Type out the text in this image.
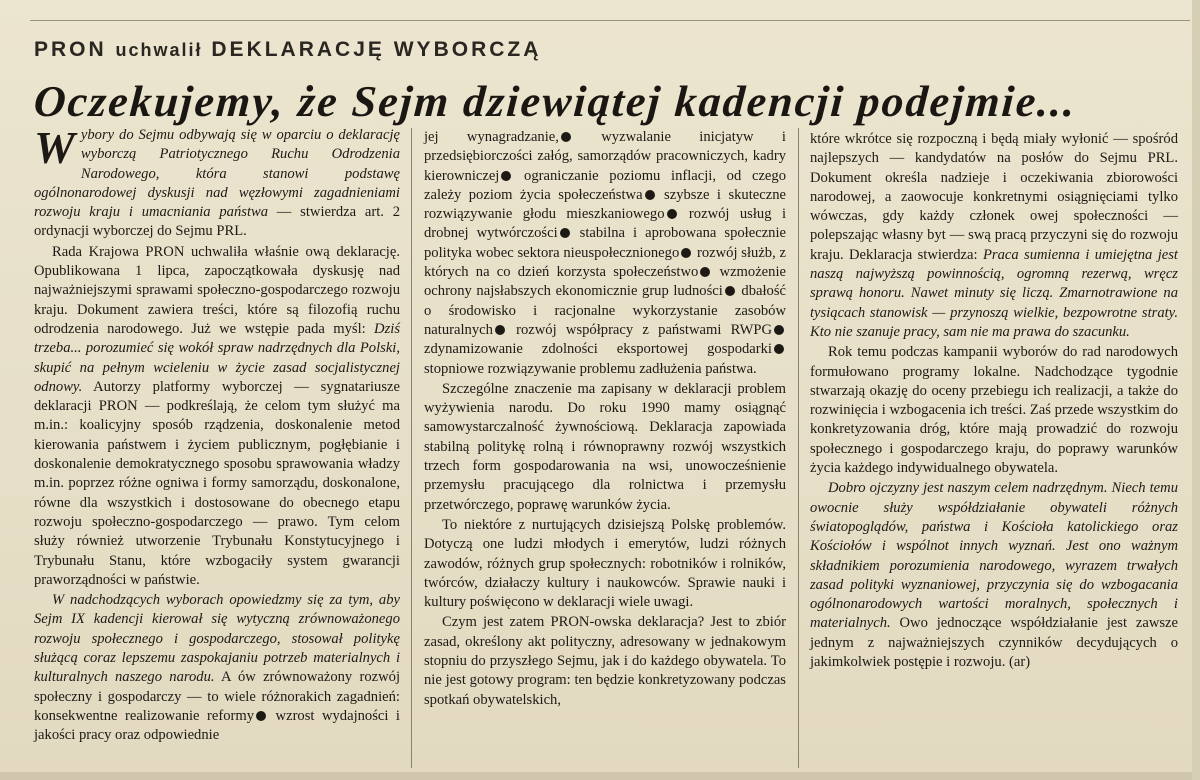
PRON uchwalił DEKLARACJĘ WYBORCZĄ
Oczekujemy, że Sejm dziewiątej kadencji podejmie...

Wybory do Sejmu odbywają się w oparciu o deklarację wyborczą Patriotycznego Ruchu Odrodzenia Narodowego, która stanowi podstawę ogólnonarodowej dyskusji nad węzłowymi zagadnieniami rozwoju kraju i umacniania państwa — stwierdza art. 2 ordynacji wyborczej do Sejmu PRL.

Rada Krajowa PRON uchwaliła właśnie ową deklarację. Opublikowana 1 lipca, zapoczątkowała dyskusję nad najważniejszymi sprawami społeczno-gospodarczego rozwoju kraju. Dokument zawiera treści, które są filozofią ruchu odrodzenia narodowego. Już we wstępie pada myśl: Dziś trzeba... porozumieć się wokół spraw nadrzędnych dla Polski, skupić na pełnym wcieleniu w życie zasad socjalistycznej odnowy. Autorzy platformy wyborczej — sygnatariusze deklaracji PRON — podkreślają, że celom tym służyć ma m.in.: koalicyjny sposób rządzenia, doskonalenie metod kierowania państwem i życiem publicznym, pogłębianie i doskonalenie demokratycznego sposobu sprawowania władzy m.in. poprzez różne ogniwa i formy samorządu, doskonalone, równe dla wszystkich i dostosowane do obecnego etapu rozwoju społeczno-gospodarczego — prawo. Tym celom służy również utworzenie Trybunału Konstytucyjnego i Trybunału Stanu, które wzbogaciły system gwarancji praworządności w państwie.

W nadchodzących wyborach opowiedzmy się za tym, aby Sejm IX kadencji kierował się wytyczną zrównoważonego rozwoju społecznego i gospodarczego, stosował politykę służącą coraz lepszemu zaspokajaniu potrzeb materialnych i kulturalnych naszego narodu. A ów zrównoważony rozwój społeczny i gospodarczy — to wiele różnorakich zagadnień: konsekwentne realizowanie reformy wzrost wydajności i jakości pracy oraz odpowiednie

jej wynagradzanie, wyzwalanie inicjatyw i przedsiębiorczości załóg, samorządów pracowniczych, kadry kierowniczej ograniczanie poziomu inflacji, od czego zależy poziom życia społeczeństwa szybsze i skuteczne rozwiązywanie głodu mieszkaniowego rozwój usług i drobnej wytwórczości stabilna i aprobowana społecznie polityka wobec sektora nieuspołecznionego rozwój służb, z których na co dzień korzysta społeczeństwo wzmożenie ochrony najsłabszych ekonomicznie grup ludności dbałość o środowisko i racjonalne wykorzystanie zasobów naturalnych rozwój współpracy z państwami RWPG zdynamizowanie zdolności eksportowej gospodarki stopniowe rozwiązywanie problemu zadłużenia państwa.

Szczególne znaczenie ma zapisany w deklaracji problem wyżywienia narodu. Do roku 1990 mamy osiągnąć samowystarczalność żywnościową. Deklaracja zapowiada stabilną politykę rolną i równoprawny rozwój wszystkich trzech form gospodarowania na wsi, unowocześnienie przemysłu pracującego dla rolnictwa i przemysłu przetwórczego, poprawę warunków życia.

To niektóre z nurtujących dzisiejszą Polskę problemów. Dotyczą one ludzi młodych i emerytów, ludzi różnych zawodów, różnych grup społecznych: robotników i rolników, twórców, działaczy kultury i naukowców. Sprawie nauki i kultury poświęcono w deklaracji wiele uwagi.

Czym jest zatem PRON-owska deklaracja? Jest to zbiór zasad, określony akt polityczny, adresowany w jednakowym stopniu do przyszłego Sejmu, jak i do każdego obywatela. To nie jest gotowy program: ten będzie konkretyzowany podczas spotkań obywatelskich,

które wkrótce się rozpoczną i będą miały wyłonić — spośród najlepszych — kandydatów na posłów do Sejmu PRL. Dokument określa nadzieje i oczekiwania zbiorowości narodowej, a zaowocuje konkretnymi osiągnięciami tylko wówczas, gdy każdy członek owej społeczności — polepszając własny byt — swą pracą przyczyni się do rozwoju kraju. Deklaracja stwierdza: Praca sumienna i umiejętna jest naszą najwyższą powinnością, ogromną rezerwą, wręcz sprawą honoru. Nawet minuty się liczą. Zmarnotrawione na tysiącach stanowisk — przynoszą wielkie, bezpowrotne straty. Kto nie szanuje pracy, sam nie ma prawa do szacunku.

Rok temu podczas kampanii wyborów do rad narodowych formułowano programy lokalne. Nadchodzące tygodnie stwarzają okazję do oceny przebiegu ich realizacji, a także do rozwinięcia i wzbogacenia ich treści. Zaś przede wszystkim do konkretyzowania dróg, które mają prowadzić do rozwoju społecznego i gospodarczego kraju, do poprawy warunków życia każdego indywidualnego obywatela.

Dobro ojczyzny jest naszym celem nadrzędnym. Niech temu owocnie służy współdziałanie obywateli różnych światopoglądów, państwa i Kościoła katolickiego oraz Kościołów i wspólnot innych wyznań. Jest ono ważnym składnikiem porozumienia narodowego, wyrazem trwałych zasad polityki wyznaniowej, przyczynia się do wzbogacania ogólnonarodowych wartości moralnych, społecznych i materialnych. Owo jednoczące współdziałanie jest zawsze jednym z najważniejszych czynników decydujących o jakimkolwiek postępie i rozwoju. (ar)
